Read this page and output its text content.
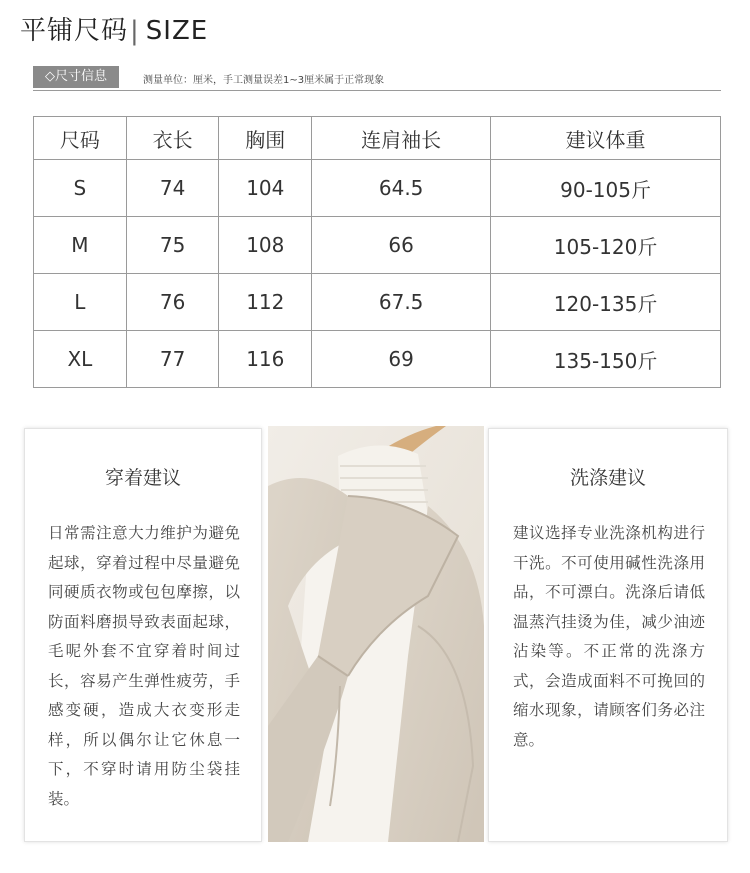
平铺尺码| SIZE
◇尺寸信息	测量单位：厘米，手工测量误差1~3厘米属于正常现象
尺码	衣长	胸围	连肩袖长	建议体重
S	74	104	64.5	90-105斤
M	75	108	66	105-120斤
L	76	112	67.5	120-135斤
XL	77	116	69	135-150斤
穿着建议

日常需注意大力维护为避免起球，穿着过程中尽量避免同硬质衣物或包包摩擦，以防面料磨损导致表面起球，毛呢外套不宜穿着时间过长，容易产生弹性疲劳，手感变硬，造成大衣变形走样，所以偶尔让它休息一下，不穿时请用防尘袋挂装。

洗涤建议

建议选择专业洗涤机构进行干洗。不可使用碱性洗涤用品，不可漂白。洗涤后请低温蒸汽挂烫为佳，减少油迹沾染等。不正常的洗涤方式，会造成面料不可挽回的缩水现象，请顾客们务必注意。
